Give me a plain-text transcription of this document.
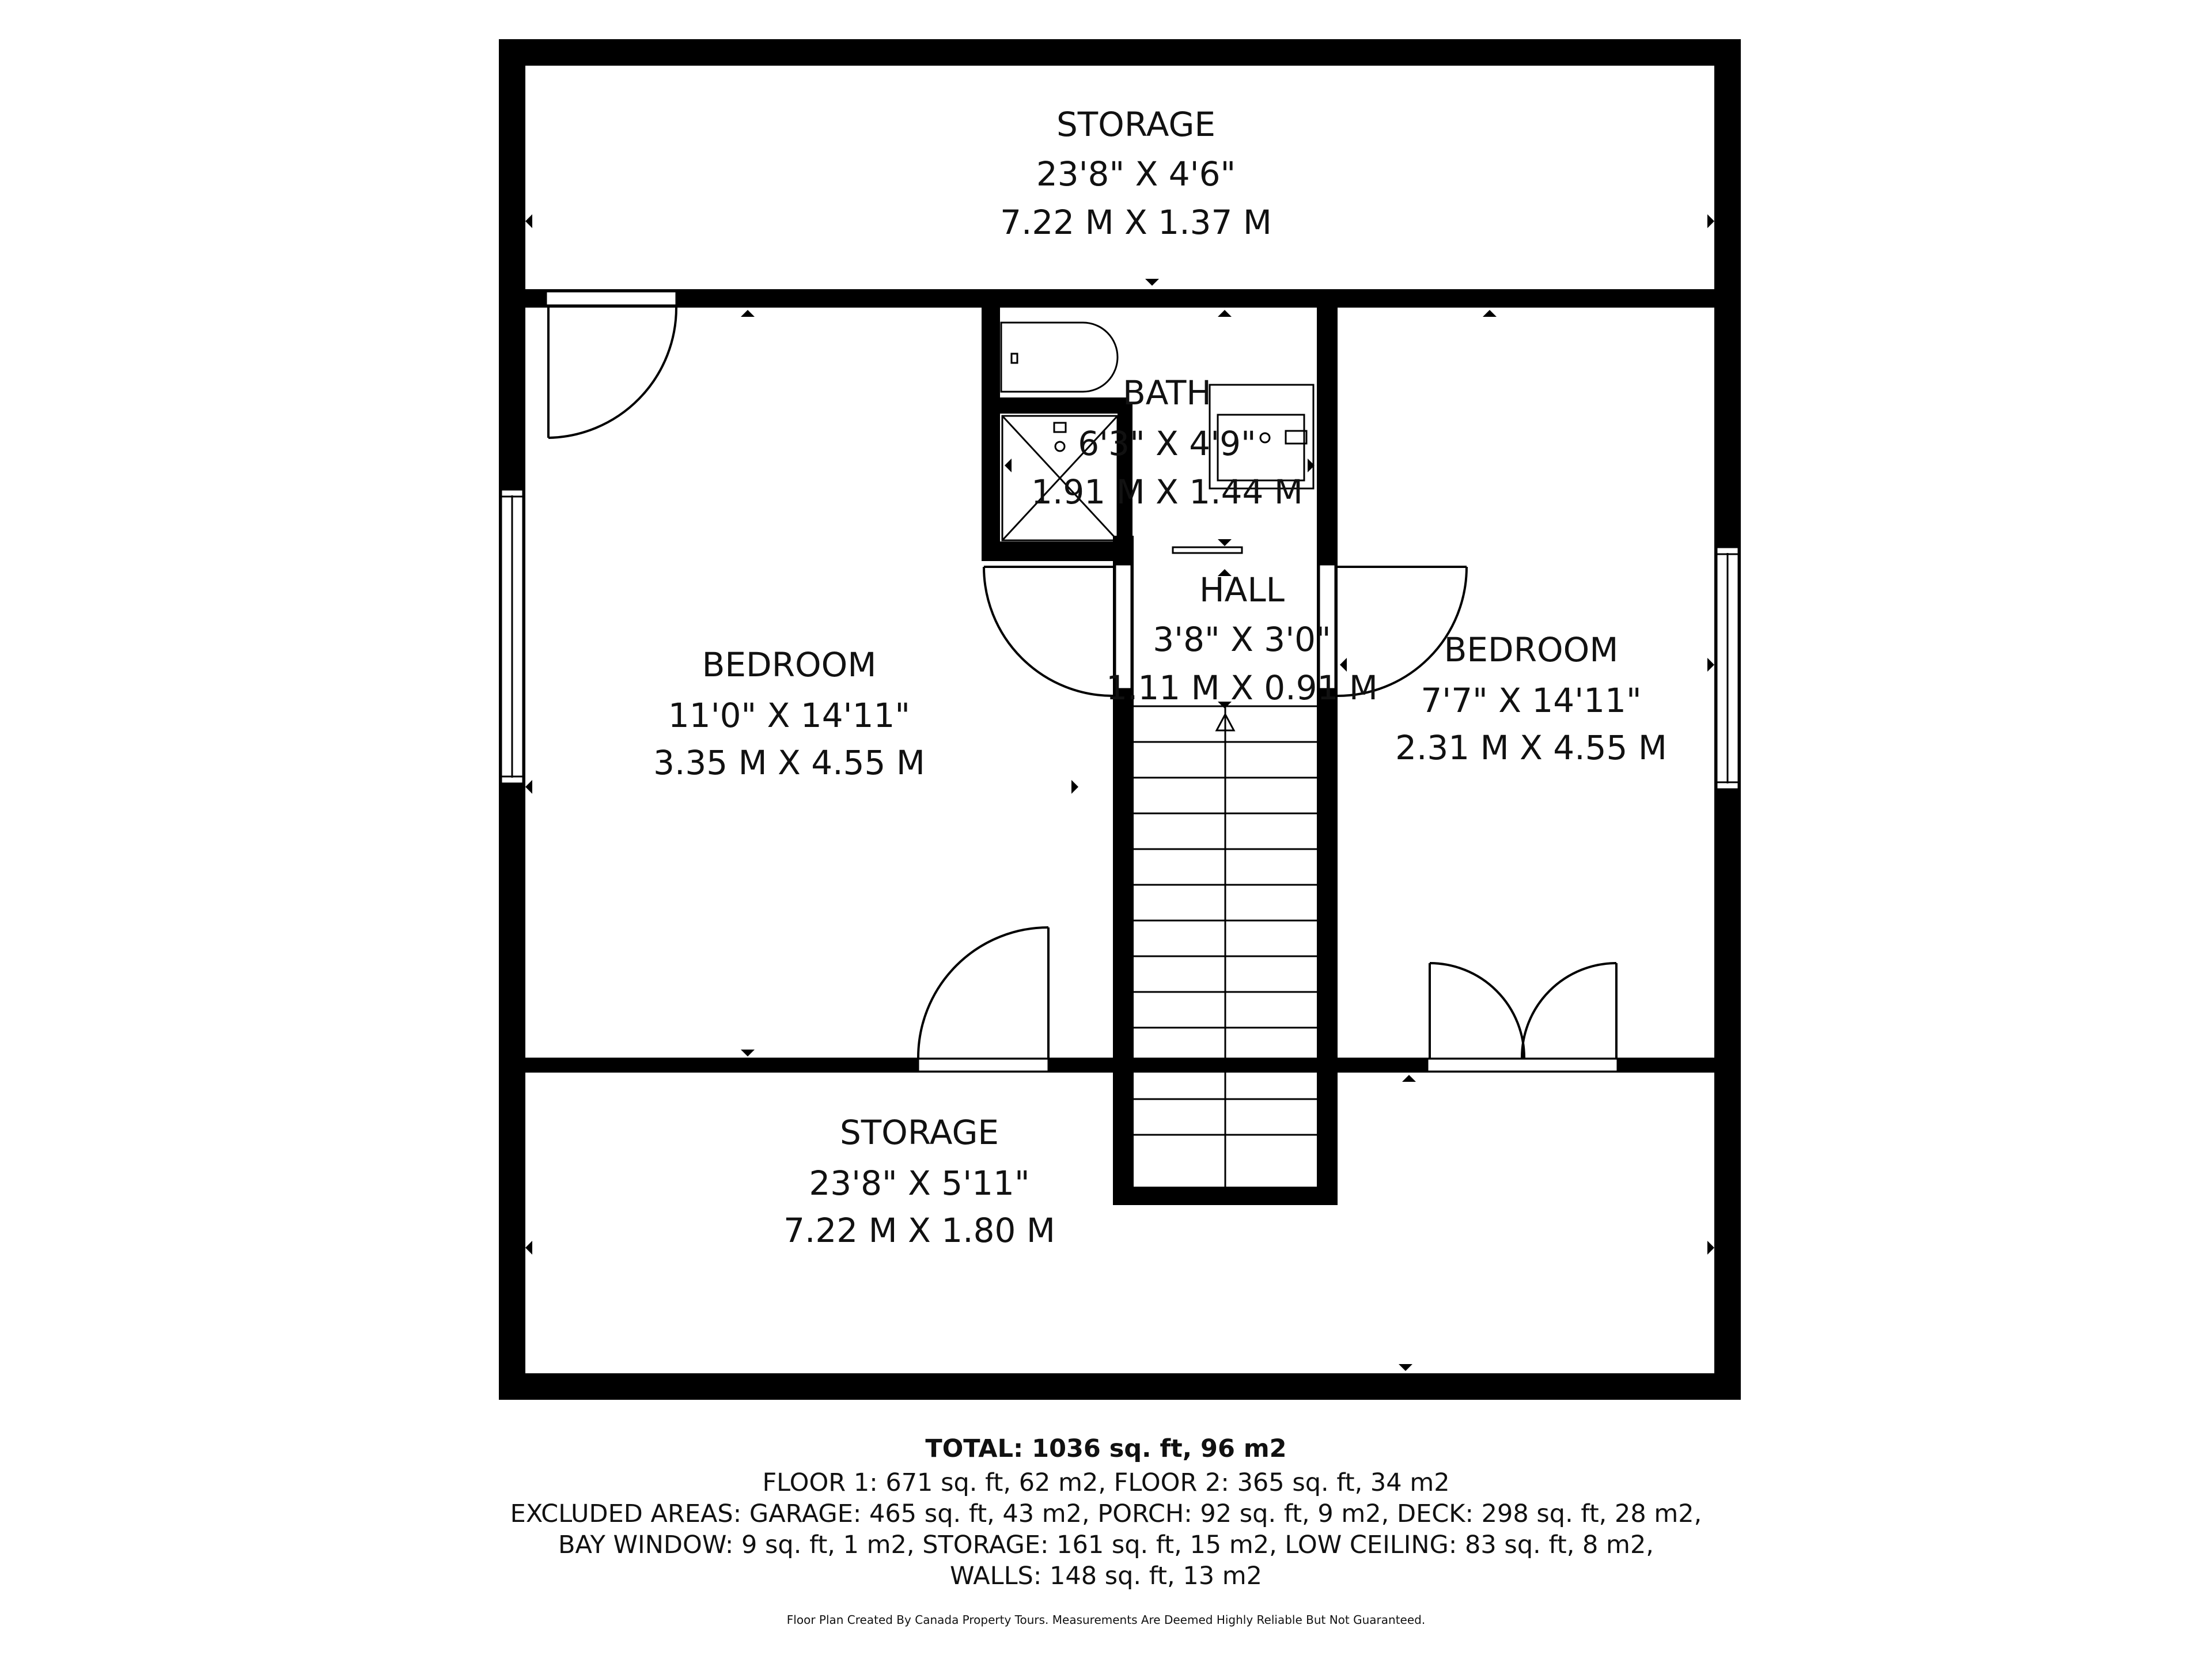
STORAGE
23'8" X 4'6"
7.22 M X 1.37 M
BEDROOM
11'0" X 14'11"
3.35 M X 4.55 M
BATH
6'3" X 4'9"
1.91 M X 1.44 M
HALL
3'8" X 3'0"
1.11 M X 0.91 M
BEDROOM
7'7" X 14'11"
2.31 M X 4.55 M
STORAGE
23'8" X 5'11"
7.22 M X 1.80 M
TOTAL: 1036 sq. ft, 96 m2
FLOOR 1: 671 sq. ft, 62 m2, FLOOR 2: 365 sq. ft, 34 m2
EXCLUDED AREAS: GARAGE: 465 sq. ft, 43 m2, PORCH: 92 sq. ft, 9 m2, DECK: 298 sq. ft, 28 m2,
BAY WINDOW: 9 sq. ft, 1 m2, STORAGE: 161 sq. ft, 15 m2, LOW CEILING: 83 sq. ft, 8 m2,
WALLS: 148 sq. ft, 13 m2
Floor Plan Created By Canada Property Tours. Measurements Are Deemed Highly Reliable But Not Guaranteed.
